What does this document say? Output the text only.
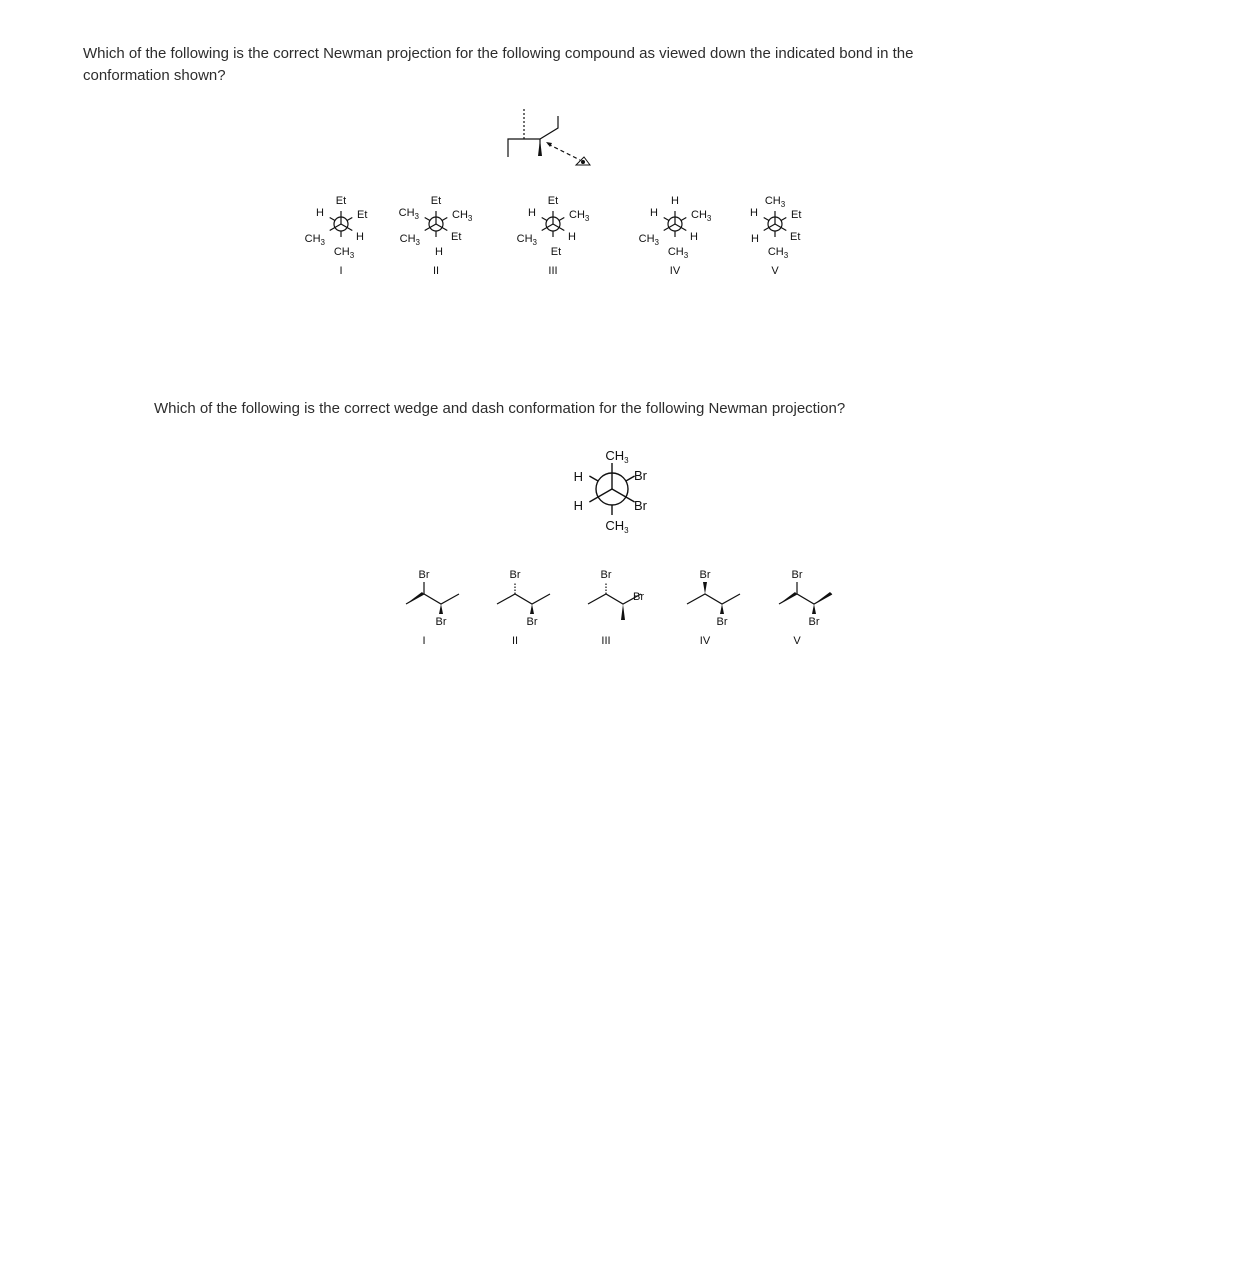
Which of the following is the correct Newman projection for the following compound as viewed down the indicated bond in the conformation shown?

Et
H	Et
$CH_3$	H
$CH_3$
I
Et
$CH_3$	$CH_3$
$CH_3$	Et
H
II
Et
H	$CH_3$
$CH_3$	H
Et
III
H
H	$CH_3$
$CH_3$	H
$CH_3$
IV
$CH_3$
H	Et
H	Et
$CH_3$
V

Which of the following is the correct wedge and dash conformation for the following Newman projection?

$CH_3$
H	Br
H	Br
$CH_3$
Br
Br
I
Br
Br
II
Br
Br
III
Br
Br
IV
Br
Br
V
